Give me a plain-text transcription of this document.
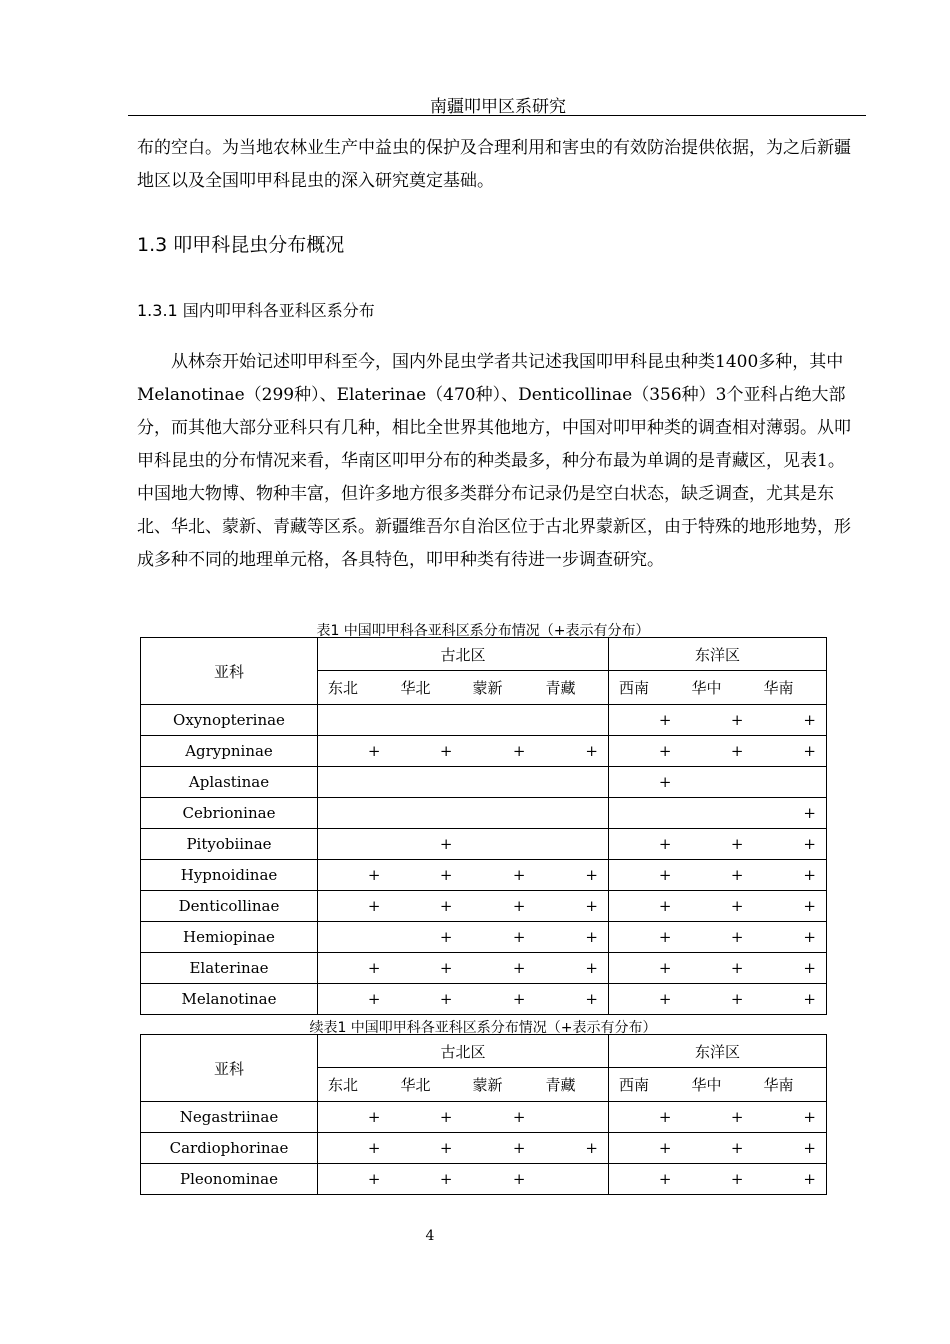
南疆叩甲区系研究

布的空白。为当地农林业生产中益虫的保护及合理利用和害虫的有效防治提供依据，为之后新疆地区以及全国叩甲科昆虫的深入研究奠定基础。

1.3 叩甲科昆虫分布概况
1.3.1 国内叩甲科各亚科区系分布

从林奈开始记述叩甲科至今，国内外昆虫学者共记述我国叩甲科昆虫种类1400多种，其中Melanotinae（299种）、Elaterinae（470种）、Denticollinae（356种）3个亚科占绝大部分，而其他大部分亚科只有几种，相比全世界其他地方，中国对叩甲种类的调查相对薄弱。从叩甲科昆虫的分布情况来看，华南区叩甲分布的种类最多，种分布最为单调的是青藏区，见表1。中国地大物博、物种丰富，但许多地方很多类群分布记录仍是空白状态，缺乏调查，尤其是东北、华北、蒙新、青藏等区系。新疆维吾尔自治区位于古北界蒙新区，由于特殊的地形地势，形成多种不同的地理单元格，各具特色，叩甲种类有待进一步调查研究。

表1 中国叩甲科各亚科区系分布情况（+表示有分布）
亚科	古北区				东洋区		
	东北	华北	蒙新	青藏	西南	华中	华南
Oxynopterinae					+	+	+
Agrypninae	+	+	+	+	+	+	+
Aplastinae					+		
Cebrioninae							+
Pityobiinae		+			+	+	+
Hypnoidinae	+	+	+	+	+	+	+
Denticollinae	+	+	+	+	+	+	+
Hemiopinae		+	+	+	+	+	+
Elaterinae	+	+	+	+	+	+	+
Melanotinae	+	+	+	+	+	+	+
续表1 中国叩甲科各亚科区系分布情况（+表示有分布）
亚科	古北区				东洋区		
	东北	华北	蒙新	青藏	西南	华中	华南
Negastriinae	+	+	+		+	+	+
Cardiophorinae	+	+	+	+	+	+	+
Pleonominae	+	+	+		+	+	+
4
